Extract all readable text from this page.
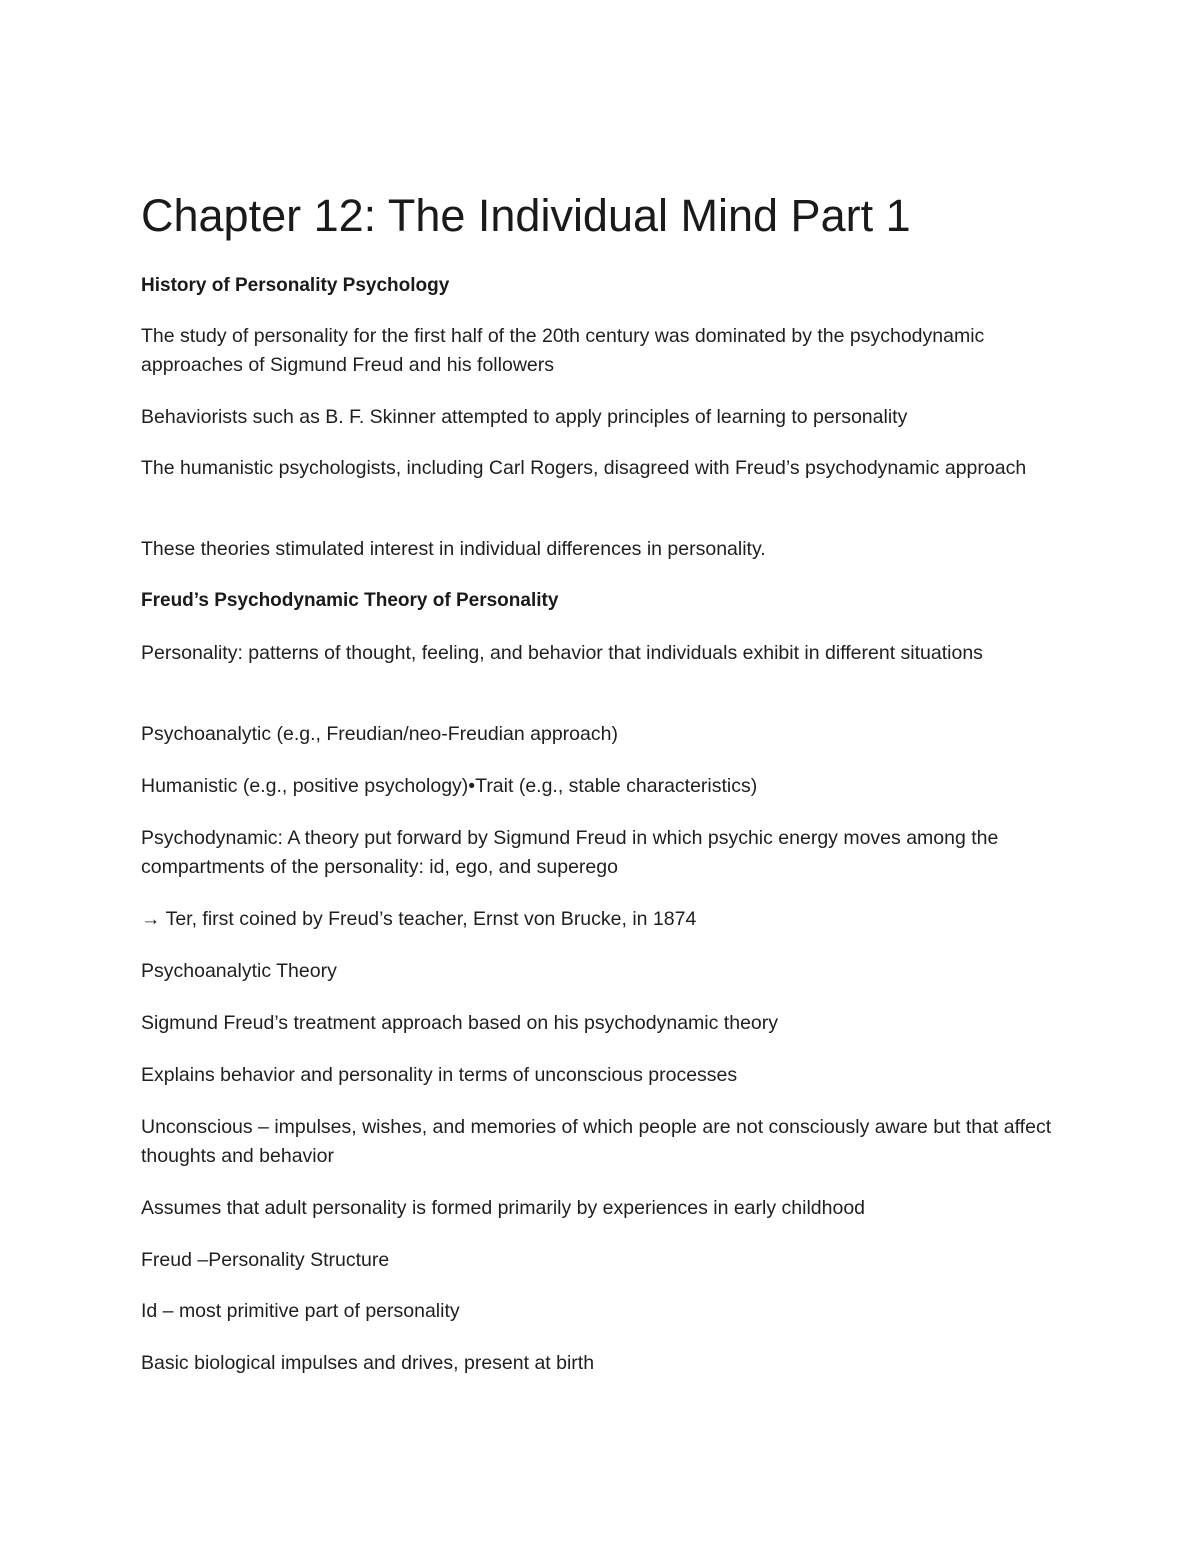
Chapter 12: The Individual Mind Part 1
History of Personality Psychology

The study of personality for the first half of the 20th century was dominated by the psychodynamic approaches of Sigmund Freud and his followers

Behaviorists such as B. F. Skinner attempted to apply principles of learning to personality

The humanistic psychologists, including Carl Rogers, disagreed with Freud’s psychodynamic approach

These theories stimulated interest in individual differences in personality.

Freud’s Psychodynamic Theory of Personality

Personality: patterns of thought, feeling, and behavior that individuals exhibit in different situations

Psychoanalytic (e.g., Freudian/neo-Freudian approach)

Humanistic (e.g., positive psychology)•Trait (e.g., stable characteristics)

Psychodynamic: A theory put forward by Sigmund Freud in which psychic energy moves among the compartments of the personality: id, ego, and superego

→ Ter, first coined by Freud’s teacher, Ernst von Brucke, in 1874

Psychoanalytic Theory

Sigmund Freud’s treatment approach based on his psychodynamic theory

Explains behavior and personality in terms of unconscious processes

Unconscious – impulses, wishes, and memories of which people are not consciously aware but that affect thoughts and behavior

Assumes that adult personality is formed primarily by experiences in early childhood

Freud –Personality Structure

Id – most primitive part of personality

Basic biological impulses and drives, present at birth
